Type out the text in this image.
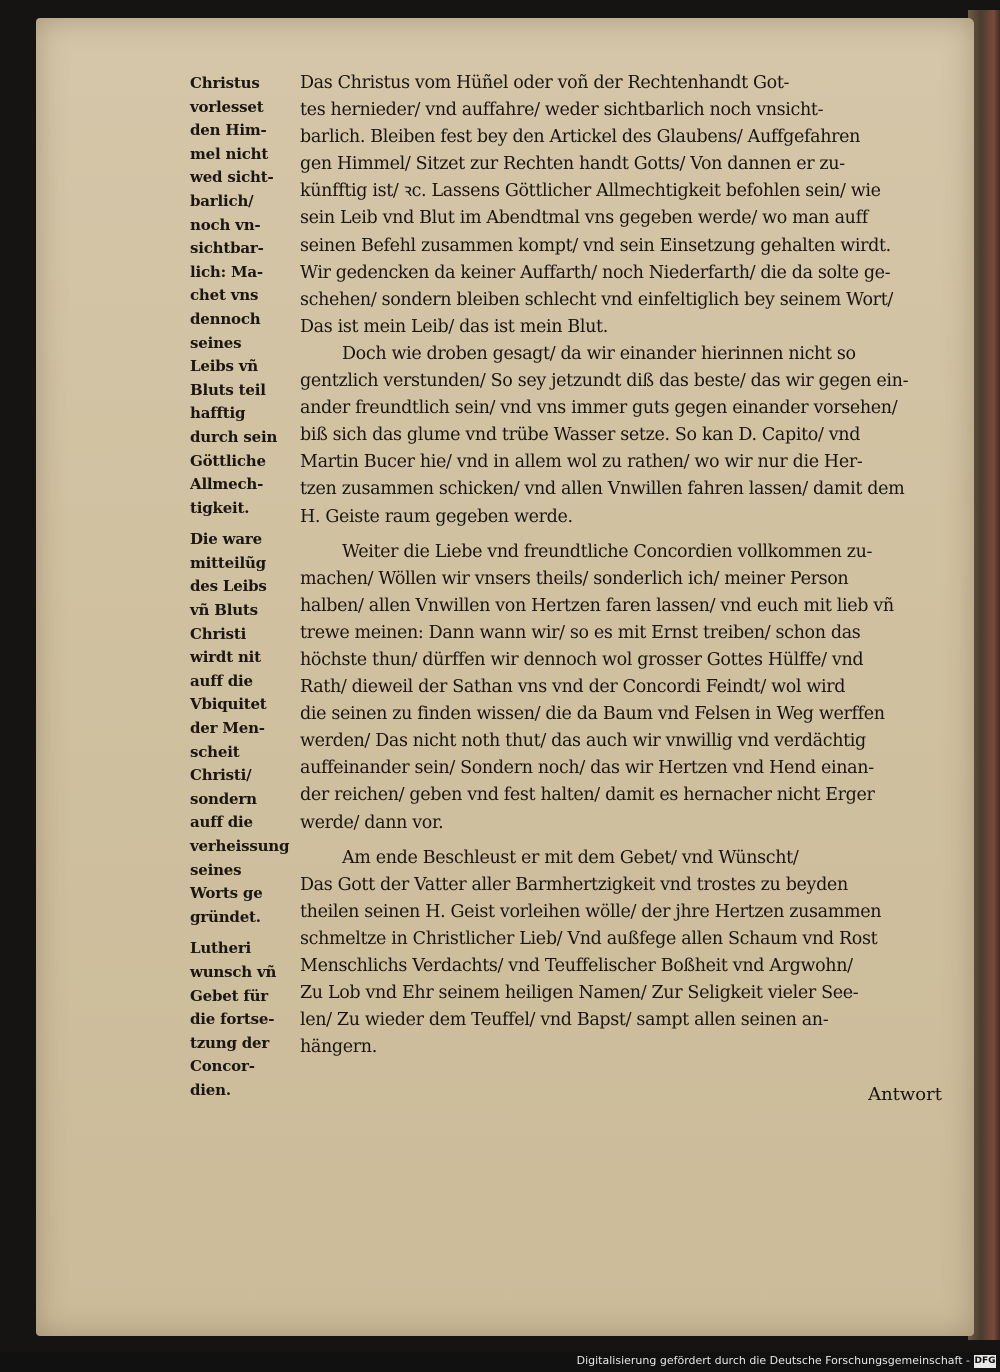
Christus
vorlesset
den Him-
mel nicht
wed sicht-
barlich/
noch vn-
sichtbar-
lich: Ma-
chet vns
dennoch
seines
Leibs vñ
Bluts teil
hafftig
durch sein
Göttliche
Allmech-
tigkeit.
Die ware
mitteilũg
des Leibs
vñ Bluts
Christi
wirdt nit
auff die
Vbiquitet
der Men-
scheit
Christi/
sondern
auff die
verheissung
seines
Worts ge
gründet.
Lutheri
wunsch vñ
Gebet für
die fortse-
tzung der
Concor-
dien.
Das Christus vom Hüñel oder voñ der Rechtenhandt Got-
tes hernieder/ vnd auffahre/ weder sichtbarlich noch vnsicht-
barlich. Bleiben fest bey den Artickel des Glaubens/ Auffgefahren
gen Himmel/ Sitzet zur Rechten handt Gotts/ Von dannen er zu-
künfftig ist/ ꝛc. Lassens Göttlicher Allmechtigkeit befohlen sein/ wie
sein Leib vnd Blut im Abendtmal vns gegeben werde/ wo man auff
seinen Befehl zusammen kompt/ vnd sein Einsetzung gehalten wirdt.
Wir gedencken da keiner Auffarth/ noch Niederfarth/ die da solte ge-
schehen/ sondern bleiben schlecht vnd einfeltiglich bey seinem Wort/
Das ist mein Leib/ das ist mein Blut.
Doch wie droben gesagt/ da wir einander hierinnen nicht so
gentzlich verstunden/ So sey jetzundt diß das beste/ das wir gegen ein-
ander freundtlich sein/ vnd vns immer guts gegen einander vorsehen/
biß sich das glume vnd trübe Wasser setze. So kan D. Capito/ vnd
Martin Bucer hie/ vnd in allem wol zu rathen/ wo wir nur die Her-
tzen zusammen schicken/ vnd allen Vnwillen fahren lassen/ damit dem
H. Geiste raum gegeben werde.
Weiter die Liebe vnd freundtliche Concordien vollkommen zu-
machen/ Wöllen wir vnsers theils/ sonderlich ich/ meiner Person
halben/ allen Vnwillen von Hertzen faren lassen/ vnd euch mit lieb vñ
trewe meinen: Dann wann wir/ so es mit Ernst treiben/ schon das
höchste thun/ dürffen wir dennoch wol grosser Gottes Hülffe/ vnd
Rath/ dieweil der Sathan vns vnd der Concordi Feindt/ wol wird
die seinen zu finden wissen/ die da Baum vnd Felsen in Weg werffen
werden/ Das nicht noth thut/ das auch wir vnwillig vnd verdächtig
auffeinander sein/ Sondern noch/ das wir Hertzen vnd Hend einan-
der reichen/ geben vnd fest halten/ damit es hernacher nicht Erger
werde/ dann vor.
Am ende Beschleust er mit dem Gebet/ vnd Wünscht/
Das Gott der Vatter aller Barmhertzigkeit vnd trostes zu beyden
theilen seinen H. Geist vorleihen wölle/ der jhre Hertzen zusammen
schmeltze in Christlicher Lieb/ Vnd außfege allen Schaum vnd Rost
Menschlichs Verdachts/ vnd Teuffelischer Boßheit vnd Argwohn/
Zu Lob vnd Ehr seinem heiligen Namen/ Zur Seligkeit vieler See-
len/ Zu wieder dem Teuffel/ vnd Bapst/ sampt allen seinen an-
hängern.
Antwort
Digitalisierung gefördert durch die Deutsche Forschungsgemeinschaft - DFG
